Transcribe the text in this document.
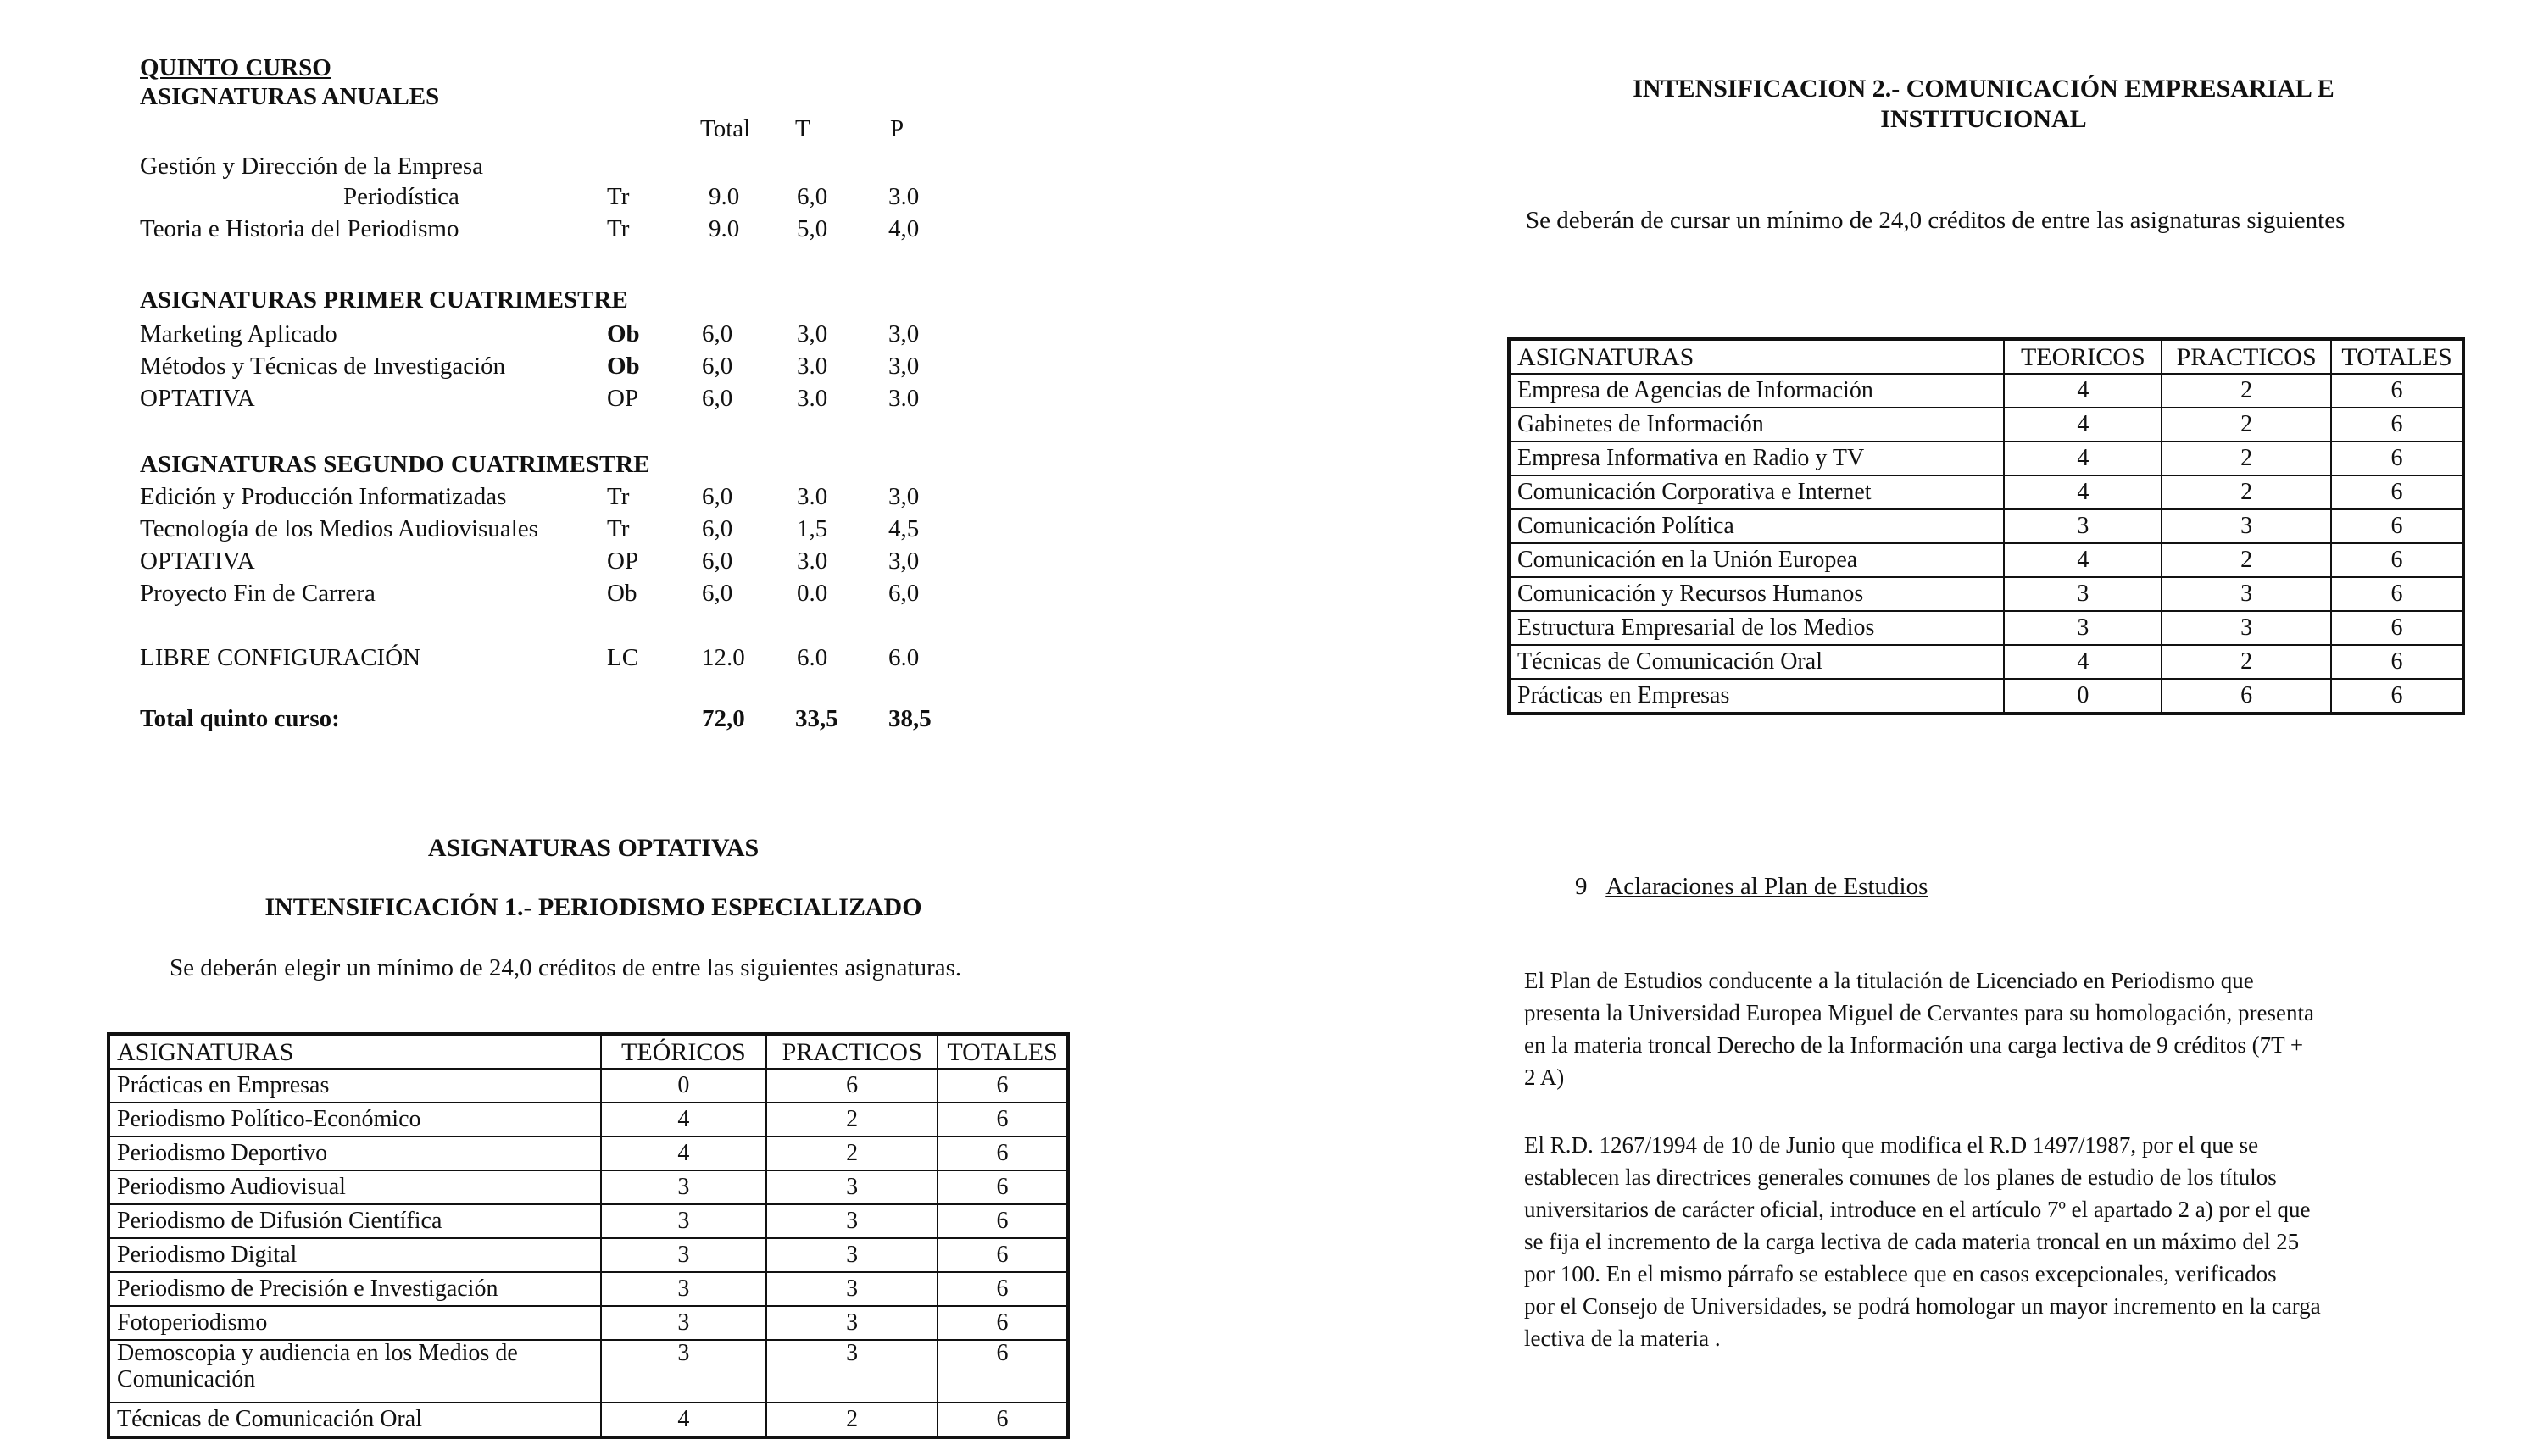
QUINTO CURSO
ASIGNATURAS ANUALES
Total T	P
Gestión y Dirección de la Empresa
Periodística	Tr	9.0 6,0 3.0
Teoria e Historia del Periodismo	Tr	9.0 5,0 4,0
ASIGNATURAS PRIMER CUATRIMESTRE
Marketing Aplicado	Ob	6,0	3,0 3,0
Métodos y Técnicas de Investigación	Ob	6,0	3.0 3,0
OPTATIVA	OP	6,0	3.0 3.0
ASIGNATURAS SEGUNDO CUATRIMESTRE
Edición y Producción Informatizadas	Tr	6,0	3.0 3,0
Tecnología de los Medios Audiovisuales	Tr	6,0	1,5 4,5
OPTATIVA	OP	6,0	3.0 3,0
Proyecto Fin de Carrera	Ob	6,0	0.0 6,0
LIBRE CONFIGURACIÓN	LC	12.0 6.0 6.0
Total quinto curso:	72,0 33,5 38,5
ASIGNATURAS OPTATIVAS
INTENSIFICACIÓN 1.- PERIODISMO ESPECIALIZADO
Se deberán elegir un mínimo de 24,0 créditos de entre las siguientes asignaturas.
ASIGNATURAS	TEÓRICOS	PRACTICOS	TOTALES
Prácticas en Empresas	0	6	6
Periodismo Político-Económico	4	2	6
Periodismo Deportivo	4	2	6
Periodismo Audiovisual	3	3	6
Periodismo de Difusión Científica	3	3	6
Periodismo Digital	3	3	6
Periodismo de Precisión e Investigación	3	3	6
Fotoperiodismo	3	3	6
Demoscopia y audiencia en los Medios de Comunicación	3	3	6
Técnicas de Comunicación Oral	4	2	6
INTENSIFICACION 2.- COMUNICACIÓN EMPRESARIAL E
INSTITUCIONAL
Se deberán de cursar un mínimo de 24,0 créditos de entre las asignaturas siguientes
ASIGNATURAS	TEORICOS	PRACTICOS	TOTALES
Empresa de Agencias de Información	4	2	6
Gabinetes de Información	4	2	6
Empresa Informativa en Radio y TV	4	2	6
Comunicación Corporativa e Internet	4	2	6
Comunicación Política	3	3	6
Comunicación en la Unión Europea	4	2	6
Comunicación y Recursos Humanos	3	3	6
Estructura Empresarial de los Medios	3	3	6
Técnicas de Comunicación Oral	4	2	6
Prácticas en Empresas	0	6	6
9 Aclaraciones al Plan de Estudios
El Plan de Estudios conducente a la titulación de Licenciado en Periodismo que
presenta la Universidad Europea Miguel de Cervantes para su homologación, presenta
en la materia troncal Derecho de la Información una carga lectiva de 9 créditos (7T +
2 A)
El R.D. 1267/1994 de 10 de Junio que modifica el R.D 1497/1987, por el que se
establecen las directrices generales comunes de los planes de estudio de los títulos
universitarios de carácter oficial, introduce en el artículo 7º el apartado 2 a) por el que
se fija el incremento de la carga lectiva de cada materia troncal en un máximo del 25
por 100. En el mismo párrafo se establece que en casos excepcionales, verificados
por el Consejo de Universidades, se podrá homologar un mayor incremento en la carga
lectiva de la materia .
